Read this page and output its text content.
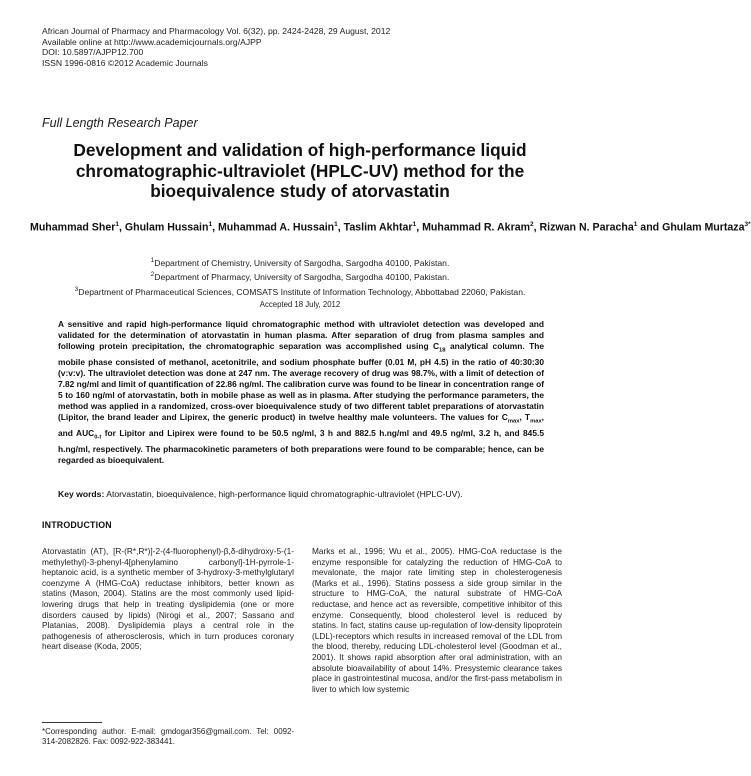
African Journal of Pharmacy and Pharmacology Vol. 6(32), pp. 2424-2428, 29 August, 2012
Available online at http://www.academicjournals.org/AJPP
DOI: 10.5897/AJPP12.700
ISSN 1996-0816 ©2012 Academic Journals
Full Length Research Paper
Development and validation of high-performance liquid
chromatographic-ultraviolet (HPLC-UV) method for the
bioequivalence study of atorvastatin
Muhammad Sher$^1$, Ghulam Hussain$^1$, Muhammad A. Hussain$^1$, Taslim Akhtar$^1$, Muhammad R. Akram$^2$, Rizwan N. Paracha$^1$ and Ghulam Murtaza$^{3*}$
$^1$Department of Chemistry, University of Sargodha, Sargodha 40100, Pakistan.
$^2$Department of Pharmacy, University of Sargodha, Sargodha 40100, Pakistan.
$^3$Department of Pharmaceutical Sciences, COMSATS Institute of Information Technology, Abbottabad 22060, Pakistan.
Accepted 18 July, 2012
A sensitive and rapid high-performance liquid chromatographic method with ultraviolet detection was developed and validated for the determination of atorvastatin in human plasma. After separation of drug from plasma samples and following protein precipitation, the chromatographic separation was accomplished using $C_{18}$ analytical column. The mobile phase consisted of methanol, acetonitrile, and sodium phosphate buffer (0.01 M, pH 4.5) in the ratio of 40:30:30 (v:v:v). The ultraviolet detection was done at 247 nm. The average recovery of drug was 98.7%, with a limit of detection of 7.82 ng/ml and limit of quantification of 22.86 ng/ml. The calibration curve was found to be linear in concentration range of 5 to 160 ng/ml of atorvastatin, both in mobile phase as well as in plasma. After studying the performance parameters, the method was applied in a randomized, cross-over bioequivalence study of two different tablet preparations of atorvastatin (Lipitor, the brand leader and Lipirex, the generic product) in twelve healthy male volunteers. The values for $C_{max}$, $T_{max}$, and $AUC_{0-t}$ for Lipitor and Lipirex were found to be 50.5 ng/ml, 3 h and 882.5 h.ng/ml and 49.5 ng/ml, 3.2 h, and 845.5 h.ng/ml, respectively. The pharmacokinetic parameters of both preparations were found to be comparable; hence, can be regarded as bioequivalent.
Key words: Atorvastatin, bioequivalence, high-performance liquid chromatographic-ultraviolet (HPLC-UV).
INTRODUCTION
Atorvastatin (AT), [R-(R*,R*)]-2-(4-fluorophenyl)-β,δ-dihydroxy-5-(1-methylethyl)-3-phenyl-4[phenylamino carbonyl]-1H-pyrrole-1-heptanoic acid, is a synthetic member of 3-hydroxy-3-methylglutaryl coenzyme A (HMG-CoA) reductase inhibitors, better known as statins (Mason, 2004). Statins are the most commonly used lipid-lowering drugs that help in treating dyslipidemia (one or more disorders caused by lipids) (Nirogi et al., 2007; Sassano and Platanias, 2008). Dyslipidemia plays a central role in the pathogenesis of atherosclerosis, which in turn produces coronary heart disease (Koda, 2005;
Marks et al., 1996; Wu et al., 2005). HMG-CoA reductase is the enzyme responsible for catalyzing the reduction of HMG-CoA to mevalonate, the major rate limiting step in cholesterogenesis (Marks et al., 1996). Statins possess a side group similar in the structure to HMG-CoA, the natural substrate of HMG-CoA reductase, and hence act as reversible, competitive inhibitor of this enzyme. Consequently, blood cholesterol level is reduced by statins. In fact, statins cause up-regulation of low-density lipoprotein (LDL)-receptors which results in increased removal of the LDL from the blood, thereby, reducing LDL-cholesterol level (Goodman et al., 2001). It shows rapid absorption after oral administration, with an absolute bioavailability of about 14%. Presystemic clearance takes place in gastrointestinal mucosa, and/or the first-pass metabolism in liver to which low systemic
*Corresponding author. E-mail: gmdogar356@gmail.com. Tel: 0092-314-2082826. Fax: 0092-922-383441.
